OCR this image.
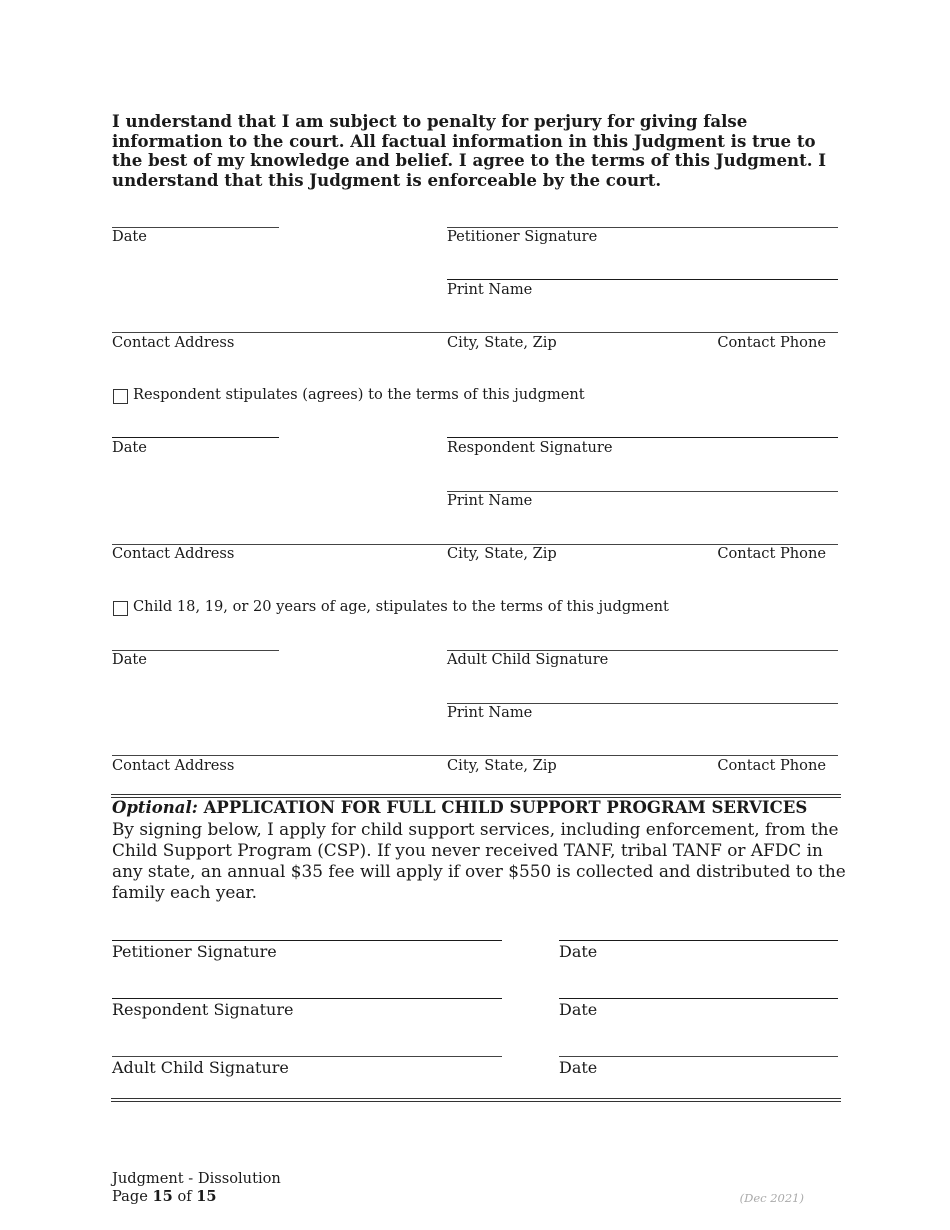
I understand that I am subject to penalty for perjury for giving false information to the court. All factual information in this Judgment is true to the best of my knowledge and belief. I agree to the terms of this Judgment. I understand that this Judgment is enforceable by the court.
Date	Petitioner Signature
Print Name
Contact Address	City, State, Zip	Contact Phone
Respondent stipulates (agrees) to the terms of this judgment
Date	Respondent Signature
Print Name
Contact Address	City, State, Zip	Contact Phone
Child 18, 19, or 20 years of age, stipulates to the terms of this judgment
Date	Adult Child Signature
Print Name
Contact Address	City, State, Zip	Contact Phone
Optional: APPLICATION FOR FULL CHILD SUPPORT PROGRAM SERVICES
By signing below, I apply for child support services, including enforcement, from the Child Support Program (CSP). If you never received TANF, tribal TANF or AFDC in any state, an annual $35 fee will apply if over $550 is collected and distributed to the family each year.
Petitioner Signature	Date
Respondent Signature	Date
Adult Child Signature	Date
Judgment - Dissolution
Page 15 of 15	(Dec 2021)
